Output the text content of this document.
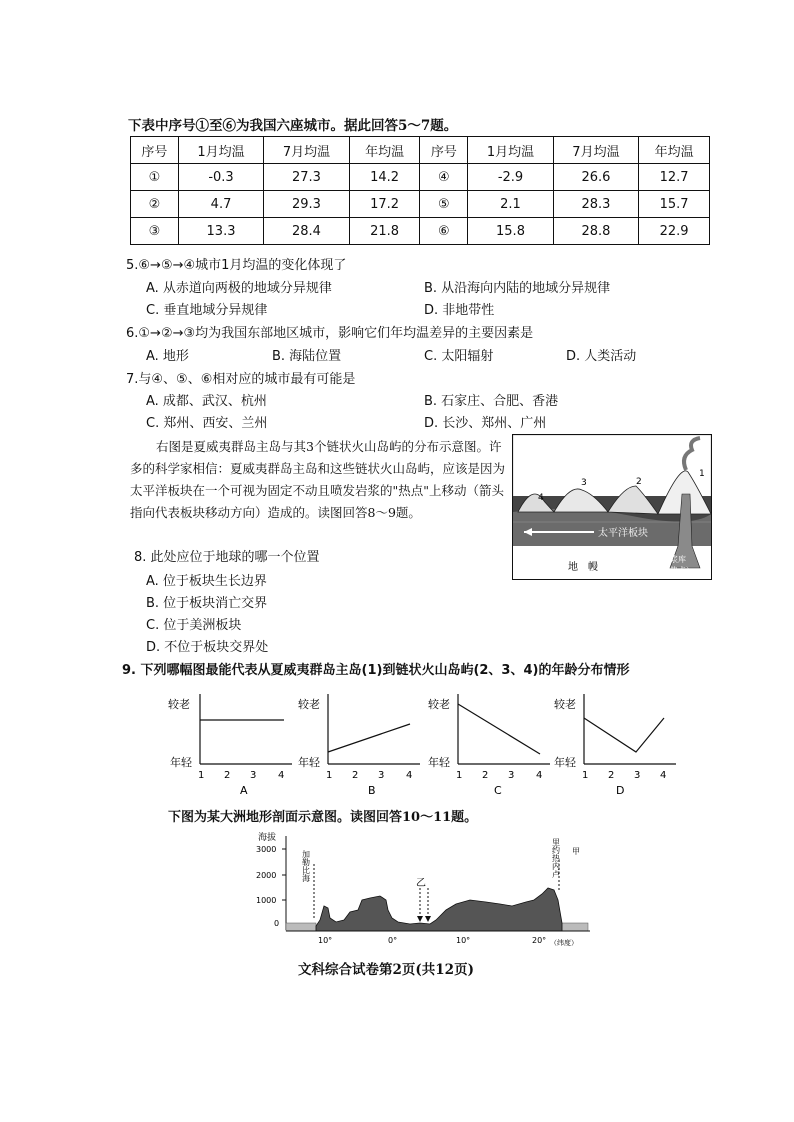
下表中序号①至⑥为我国六座城市。据此回答5～7题。
序号	1月均温	7月均温	年均温	序号	1月均温	7月均温	年均温
①	-0.3	27.3	14.2	④	-2.9	26.6	12.7
②	4.7	29.3	17.2	⑤	2.1	28.3	15.7
③	13.3	28.4	21.8	⑥	15.8	28.8	22.9
5.⑥→⑤→④城市1月均温的变化体现了
A. 从赤道向两极的地域分异规律	B. 从沿海向内陆的地域分异规律
C. 垂直地域分异规律	D. 非地带性
6.①→②→③均为我国东部地区城市，影响它们年均温差异的主要因素是
A. 地形	B. 海陆位置	C. 太阳辐射	D. 人类活动
7.与④、⑤、⑥相对应的城市最有可能是
A. 成都、武汉、杭州	B. 石家庄、合肥、香港
C. 郑州、西安、兰州	D. 长沙、郑州、广州
右图是夏威夷群岛主岛与其3个链状火山岛屿的分布示意图。许多的科学家相信：夏威夷群岛主岛和这些链状火山岛屿，应该是因为太平洋板块在一个可视为固定不动且喷发岩浆的"热点"上移动（箭头指向代表板块移动方向）造成的。读图回答8～9题。
4
3	2
1
太平洋板块
地　幔
岩浆库
（热点）
8. 此处应位于地球的哪一个位置
A. 位于板块生长边界
B. 位于板块消亡交界
C. 位于美洲板块
D. 不位于板块交界处
9. 下列哪幅图最能代表从夏威夷群岛主岛(1)到链状火山岛屿(2、3、4)的年龄分布情形
较老
年轻
1 2 3 4
A
较老
年轻
1 2 3 4
B
较老
年轻
1 2 3 4
C
较老
年轻
1 2 3 4
D
下图为某大洲地形剖面示意图。读图回答10～11题。
海拔
3000
2000
1000
0
乙
加勒比海	里约热内卢 甲
10°	0°	10°	20° （纬度）
文科综合试卷第2页(共12页)
